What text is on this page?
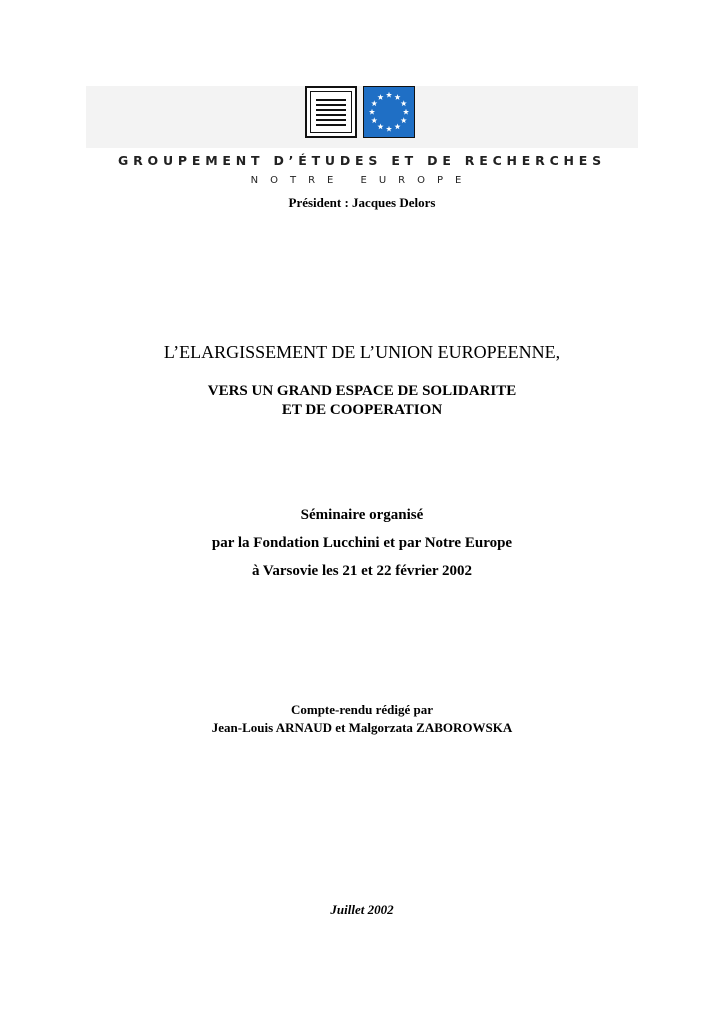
GROUPEMENT D’ÉTUDES ET DE RECHERCHES
NOTRE EUROPE
Président : Jacques Delors
L’ELARGISSEMENT DE L’UNION EUROPEENNE,
VERS UN GRAND ESPACE DE SOLIDARITE
ET DE COOPERATION
Séminaire organisé
par la Fondation Lucchini et par Notre Europe
à Varsovie les 21 et 22 février 2002
Compte-rendu rédigé par
Jean-Louis ARNAUD et Malgorzata ZABOROWSKA
Juillet 2002
